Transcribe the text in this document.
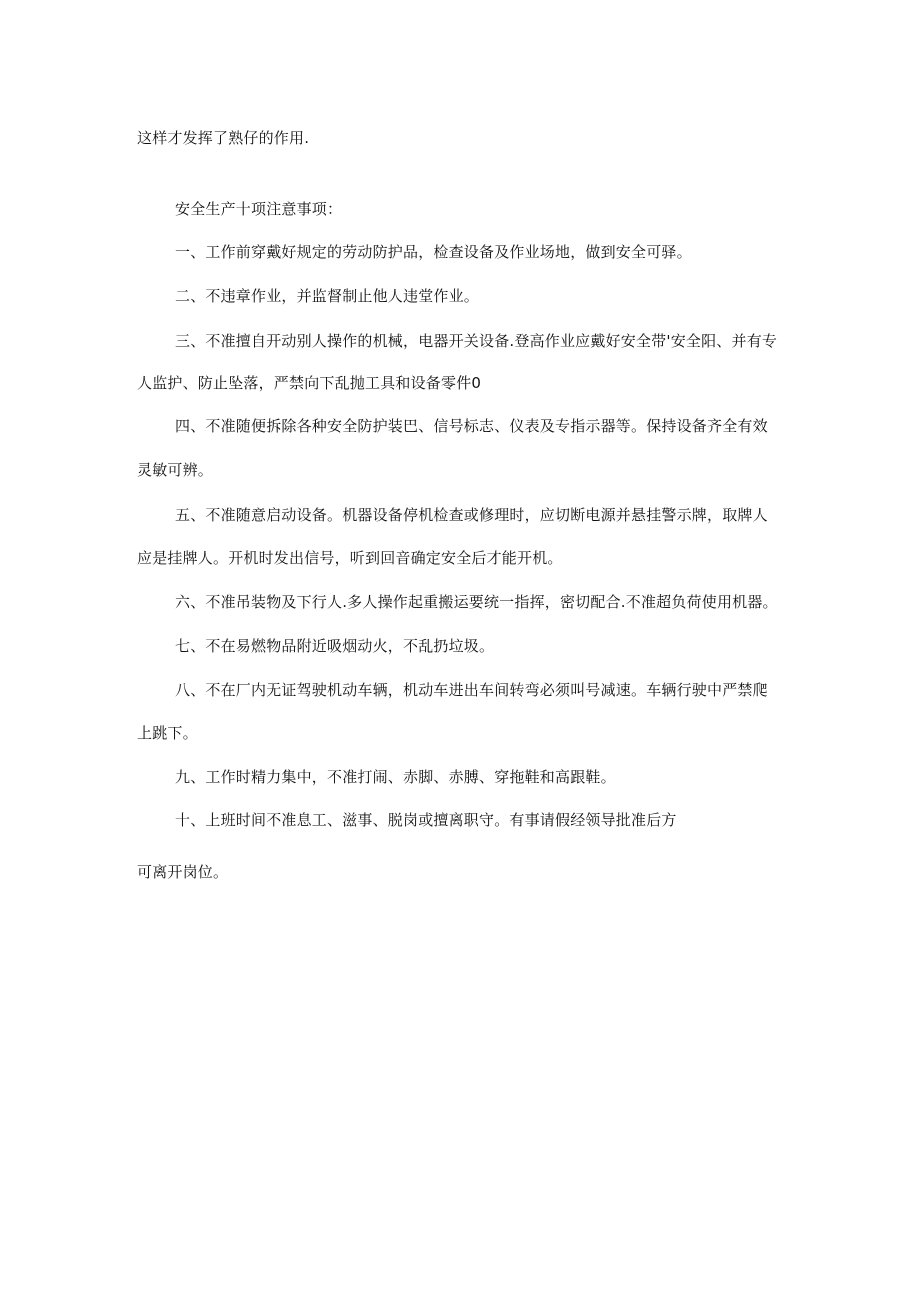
这样才发挥了熟仔的作用.
安全生产十项注意事项：
一、工作前穿戴好规定的劳动防护品，检查设备及作业场地，做到安全可驿。
二、不违章作业，并监督制止他人违堂作业。
三、不准擅自开动别人操作的机械，电器开关设备.登高作业应戴好安全带'安全阳、并有专
人监护、防止坠落，严禁向下乱抛工具和设备零件0
四、不准随便拆除各种安全防护装巴、信号标志、仪表及专指示器等。保持设备齐全有效
灵敏可辨。
五、不准随意启动设备。机器设备停机检查或修理时，应切断电源并悬挂警示牌，取牌人
应是挂牌人。开机时发出信号，听到回音确定安全后才能开机。
六、不准吊装物及下行人.多人操作起重搬运要统一指挥，密切配合.不准超负荷使用机器。
七、不在易燃物品附近吸烟动火，不乱扔垃圾。
八、不在厂内无证驾驶机动车辆，机动车进出车间转弯必须叫号减速。车辆行驶中严禁爬
上跳下。
九、工作时精力集中，不准打闹、赤脚、赤膊、穿拖鞋和高跟鞋。
十、上班时间不准息工、滋事、脱岗或擅离职守。有事请假经领导批准后方
可离开岗位。
